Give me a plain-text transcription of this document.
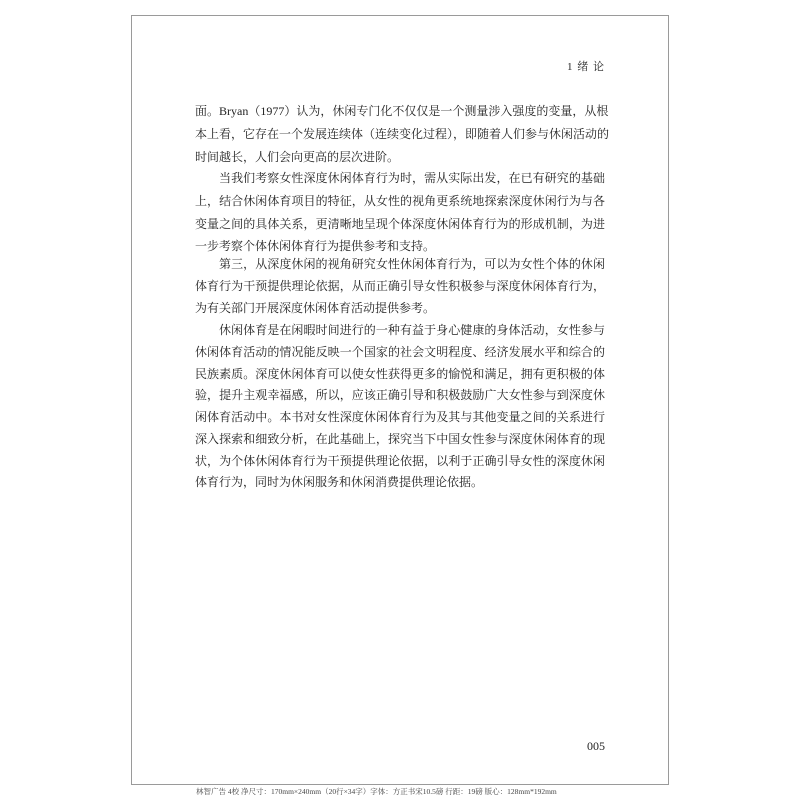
1 绪 论
面。Bryan（1977）认为，休闲专门化不仅仅是一个测量涉入强度的变量，从根
本上看，它存在一个发展连续体（连续变化过程），即随着人们参与休闲活动的
时间越长，人们会向更高的层次进阶。
当我们考察女性深度休闲体育行为时，需从实际出发，在已有研究的基础
上，结合休闲体育项目的特征，从女性的视角更系统地探索深度休闲行为与各
变量之间的具体关系，更清晰地呈现个体深度休闲体育行为的形成机制，为进
一步考察个体休闲体育行为提供参考和支持。
第三，从深度休闲的视角研究女性休闲体育行为，可以为女性个体的休闲
体育行为干预提供理论依据，从而正确引导女性积极参与深度休闲体育行为，
为有关部门开展深度休闲体育活动提供参考。
休闲体育是在闲暇时间进行的一种有益于身心健康的身体活动，女性参与
休闲体育活动的情况能反映一个国家的社会文明程度、经济发展水平和综合的
民族素质。深度休闲体育可以使女性获得更多的愉悦和满足，拥有更积极的体
验，提升主观幸福感，所以，应该正确引导和积极鼓励广大女性参与到深度休
闲体育活动中。本书对女性深度休闲体育行为及其与其他变量之间的关系进行
深入探索和细致分析，在此基础上，探究当下中国女性参与深度休闲体育的现
状，为个体休闲体育行为干预提供理论依据，以利于正确引导女性的深度休闲
体育行为，同时为休闲服务和休闲消费提供理论依据。
005
林智广告 4校 净尺寸：170mm×240mm（20行×34字）字体：方正书宋10.5磅 行距：19磅 版心：128mm*192mm
